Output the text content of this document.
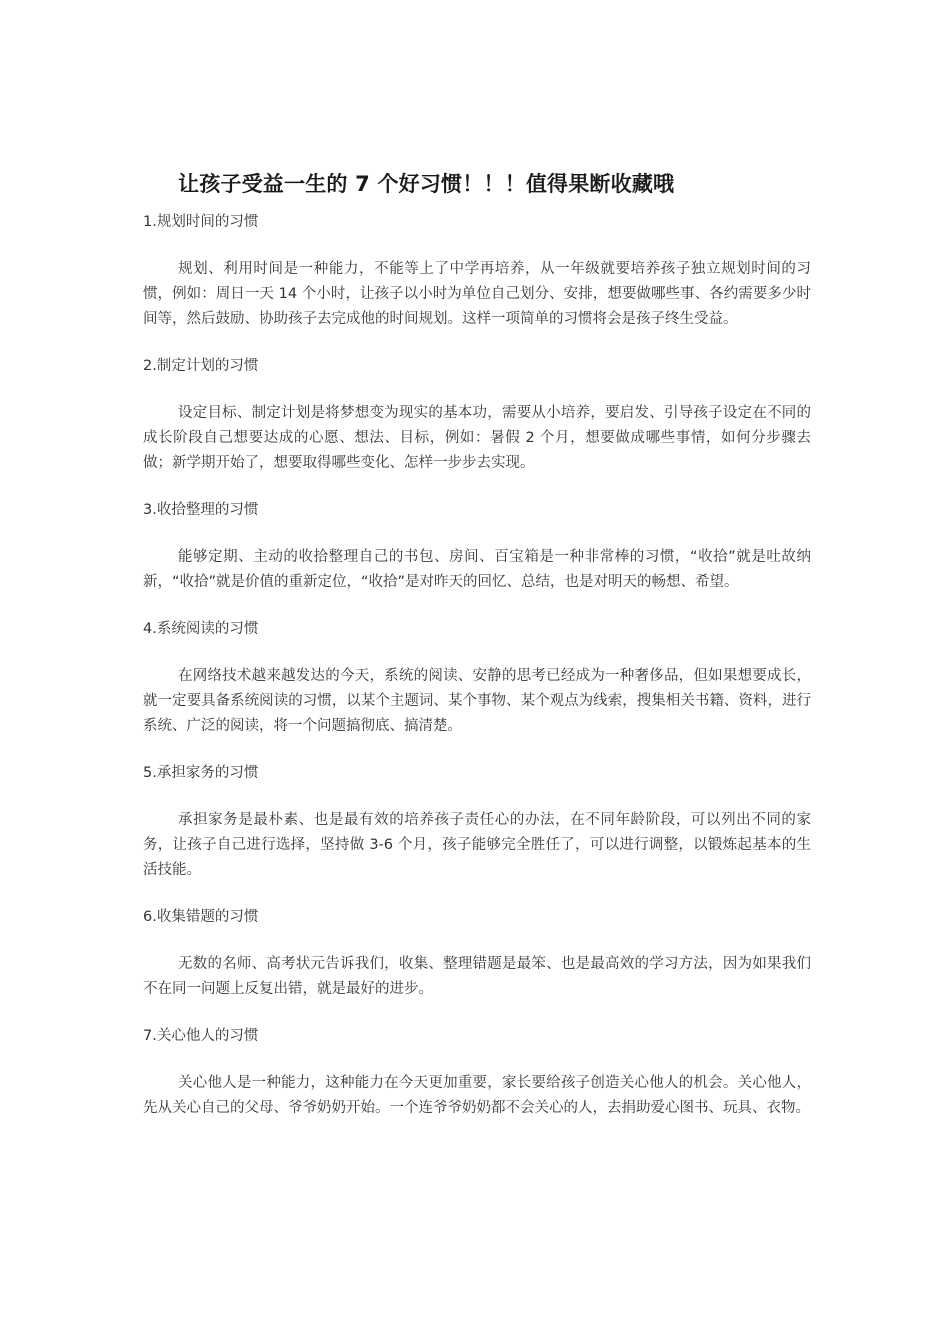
让孩子受益一生的 7 个好习惯！！！值得果断收藏哦

1.规划时间的习惯

规划、利用时间是一种能力，不能等上了中学再培养，从一年级就要培养孩子独立规划时间的习惯，例如：周日一天 14 个小时，让孩子以小时为单位自己划分、安排，想要做哪些事、各约需要多少时间等，然后鼓励、协助孩子去完成他的时间规划。这样一项简单的习惯将会是孩子终生受益。

2.制定计划的习惯

设定目标、制定计划是将梦想变为现实的基本功，需要从小培养，要启发、引导孩子设定在不同的成长阶段自己想要达成的心愿、想法、目标，例如：暑假 2 个月，想要做成哪些事情，如何分步骤去做；新学期开始了，想要取得哪些变化、怎样一步步去实现。

3.收拾整理的习惯

能够定期、主动的收拾整理自己的书包、房间、百宝箱是一种非常棒的习惯，“收拾”就是吐故纳新，“收拾”就是价值的重新定位，“收拾”是对昨天的回忆、总结，也是对明天的畅想、希望。

4.系统阅读的习惯

在网络技术越来越发达的今天，系统的阅读、安静的思考已经成为一种奢侈品，但如果想要成长，就一定要具备系统阅读的习惯，以某个主题词、某个事物、某个观点为线索，搜集相关书籍、资料，进行系统、广泛的阅读，将一个问题搞彻底、搞清楚。

5.承担家务的习惯

承担家务是最朴素、也是最有效的培养孩子责任心的办法，在不同年龄阶段，可以列出不同的家务，让孩子自己进行选择，坚持做 3-6 个月，孩子能够完全胜任了，可以进行调整，以锻炼起基本的生活技能。

6.收集错题的习惯

无数的名师、高考状元告诉我们，收集、整理错题是最笨、也是最高效的学习方法，因为如果我们不在同一问题上反复出错，就是最好的进步。

7.关心他人的习惯

关心他人是一种能力，这种能力在今天更加重要，家长要给孩子创造关心他人的机会。关心他人，先从关心自己的父母、爷爷奶奶开始。一个连爷爷奶奶都不会关心的人，去捐助爱心图书、玩具、衣物。
